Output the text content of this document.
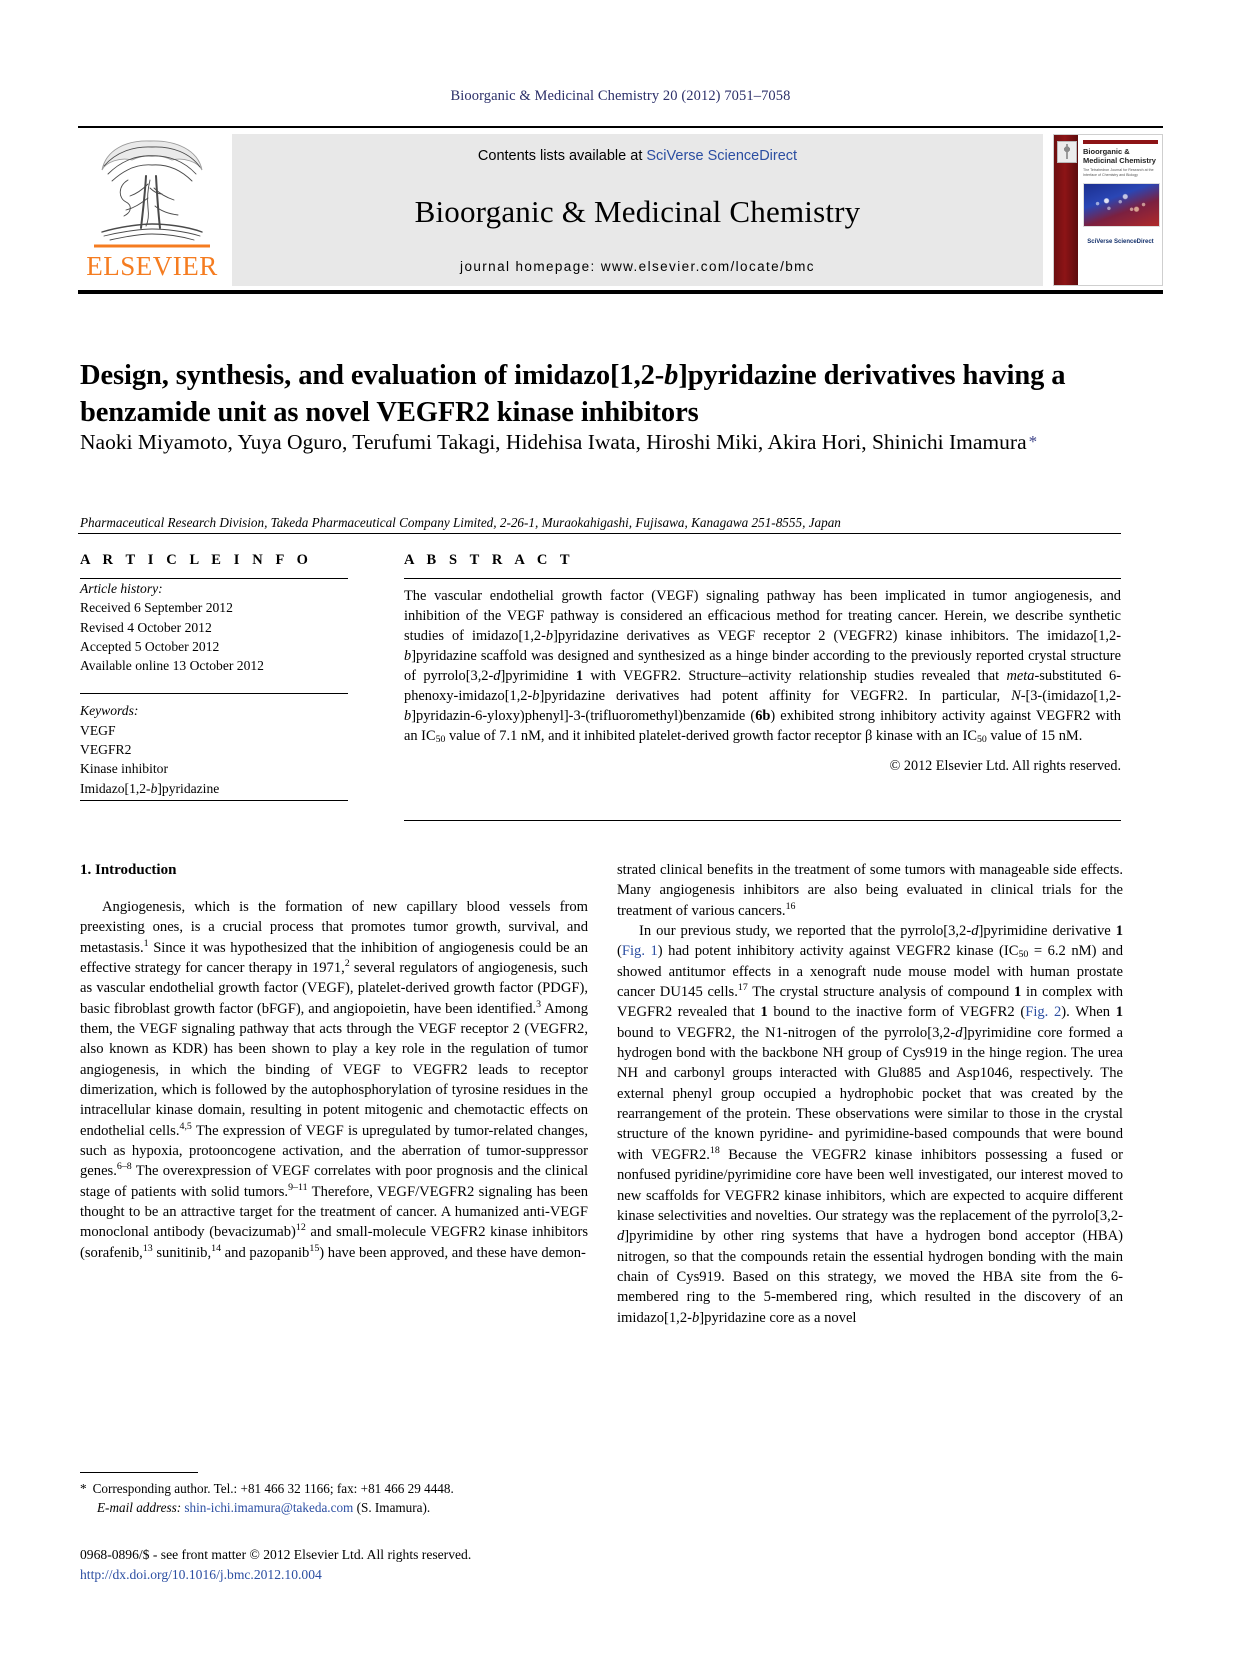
Bioorganic & Medicinal Chemistry 20 (2012) 7051–7058
ELSEVIER
Contents lists available at SciVerse ScienceDirect
Bioorganic & Medicinal Chemistry
journal homepage: www.elsevier.com/locate/bmc
Bioorganic & Medicinal Chemistry
The Tetrahedron Journal for Research at the Interface of Chemistry and Biology

SciVerse ScienceDirect
Design, synthesis, and evaluation of imidazo[1,2-b]pyridazine derivatives having a benzamide unit as novel VEGFR2 kinase inhibitors
Naoki Miyamoto, Yuya Oguro, Terufumi Takagi, Hidehisa Iwata, Hiroshi Miki, Akira Hori, Shinichi Imamura *
Pharmaceutical Research Division, Takeda Pharmaceutical Company Limited, 2-26-1, Muraokahigashi, Fujisawa, Kanagawa 251-8555, Japan
A R T I C L E I N F O
Article history:
Received 6 September 2012
Revised 4 October 2012
Accepted 5 October 2012
Available online 13 October 2012
Keywords:
VEGF
VEGFR2
Kinase inhibitor
Imidazo[1,2-b]pyridazine
A B S T R A C T
The vascular endothelial growth factor (VEGF) signaling pathway has been implicated in tumor angiogenesis, and inhibition of the VEGF pathway is considered an efficacious method for treating cancer. Herein, we describe synthetic studies of imidazo[1,2-b]pyridazine derivatives as VEGF receptor 2 (VEGFR2) kinase inhibitors. The imidazo[1,2-b]pyridazine scaffold was designed and synthesized as a hinge binder according to the previously reported crystal structure of pyrrolo[3,2-d]pyrimidine 1 with VEGFR2. Structure–activity relationship studies revealed that meta-substituted 6-phenoxy-imidazo[1,2-b]pyridazine derivatives had potent affinity for VEGFR2. In particular, N-[3-(imidazo[1,2-b]pyridazin-6-yloxy)phenyl]-3-(trifluoromethyl)benzamide (6b) exhibited strong inhibitory activity against VEGFR2 with an $IC_{50}$ value of 7.1 nM, and it inhibited platelet-derived growth factor receptor β kinase with an $IC_{50}$ value of 15 nM.
© 2012 Elsevier Ltd. All rights reserved.
1. Introduction

Angiogenesis, which is the formation of new capillary blood vessels from preexisting ones, is a crucial process that promotes tumor growth, survival, and metastasis.$^1$ Since it was hypothesized that the inhibition of angiogenesis could be an effective strategy for cancer therapy in 1971,$^2$ several regulators of angiogenesis, such as vascular endothelial growth factor (VEGF), platelet-derived growth factor (PDGF), basic fibroblast growth factor (bFGF), and angiopoietin, have been identified.$^3$ Among them, the VEGF signaling pathway that acts through the VEGF receptor 2 (VEGFR2, also known as KDR) has been shown to play a key role in the regulation of tumor angiogenesis, in which the binding of VEGF to VEGFR2 leads to receptor dimerization, which is followed by the autophosphorylation of tyrosine residues in the intracellular kinase domain, resulting in potent mitogenic and chemotactic effects on endothelial cells.$^{4,5}$ The expression of VEGF is upregulated by tumor-related changes, such as hypoxia, protooncogene activation, and the aberration of tumor-suppressor genes.$^{6-8}$ The overexpression of VEGF correlates with poor prognosis and the clinical stage of patients with solid tumors.$^{9-11}$ Therefore, VEGF/VEGFR2 signaling has been thought to be an attractive target for the treatment of cancer. A humanized anti-VEGF monoclonal antibody (bevacizumab)$^{12}$ and small-molecule VEGFR2 kinase inhibitors (sorafenib,$^{13}$ sunitinib,$^{14}$ and pazopanib$^{15}$) have been approved, and these have demon-

strated clinical benefits in the treatment of some tumors with manageable side effects. Many angiogenesis inhibitors are also being evaluated in clinical trials for the treatment of various cancers.$^{16}$

In our previous study, we reported that the pyrrolo[3,2-d]pyrimidine derivative 1 (Fig. 1) had potent inhibitory activity against VEGFR2 kinase ($IC_{50} = 6.2$ nM) and showed antitumor effects in a xenograft nude mouse model with human prostate cancer DU145 cells.$^{17}$ The crystal structure analysis of compound 1 in complex with VEGFR2 revealed that 1 bound to the inactive form of VEGFR2 (Fig. 2). When 1 bound to VEGFR2, the N1-nitrogen of the pyrrolo[3,2-d]pyrimidine core formed a hydrogen bond with the backbone NH group of Cys919 in the hinge region. The urea NH and carbonyl groups interacted with Glu885 and Asp1046, respectively. The external phenyl group occupied a hydrophobic pocket that was created by the rearrangement of the protein. These observations were similar to those in the crystal structure of the known pyridine- and pyrimidine-based compounds that were bound with VEGFR2.18 Because the VEGFR2 kinase inhibitors possessing a fused or nonfused pyridine/pyrimidine core have been well investigated, our interest moved to new scaffolds for VEGFR2 kinase inhibitors, which are expected to acquire different kinase selectivities and novelties. Our strategy was the replacement of the pyrrolo[3,2-d]pyrimidine by other ring systems that have a hydrogen bond acceptor (HBA) nitrogen, so that the compounds retain the essential hydrogen bonding with the main chain of Cys919. Based on this strategy, we moved the HBA site from the 6-membered ring to the 5-membered ring, which resulted in the discovery of an imidazo[1,2-b]pyridazine core as a novel

* Corresponding author. Tel.: +81 466 32 1166; fax: +81 466 29 4448.
E-mail address: shin-ichi.imamura@takeda.com (S. Imamura).
0968-0896/$ - see front matter © 2012 Elsevier Ltd. All rights reserved.
http://dx.doi.org/10.1016/j.bmc.2012.10.004
